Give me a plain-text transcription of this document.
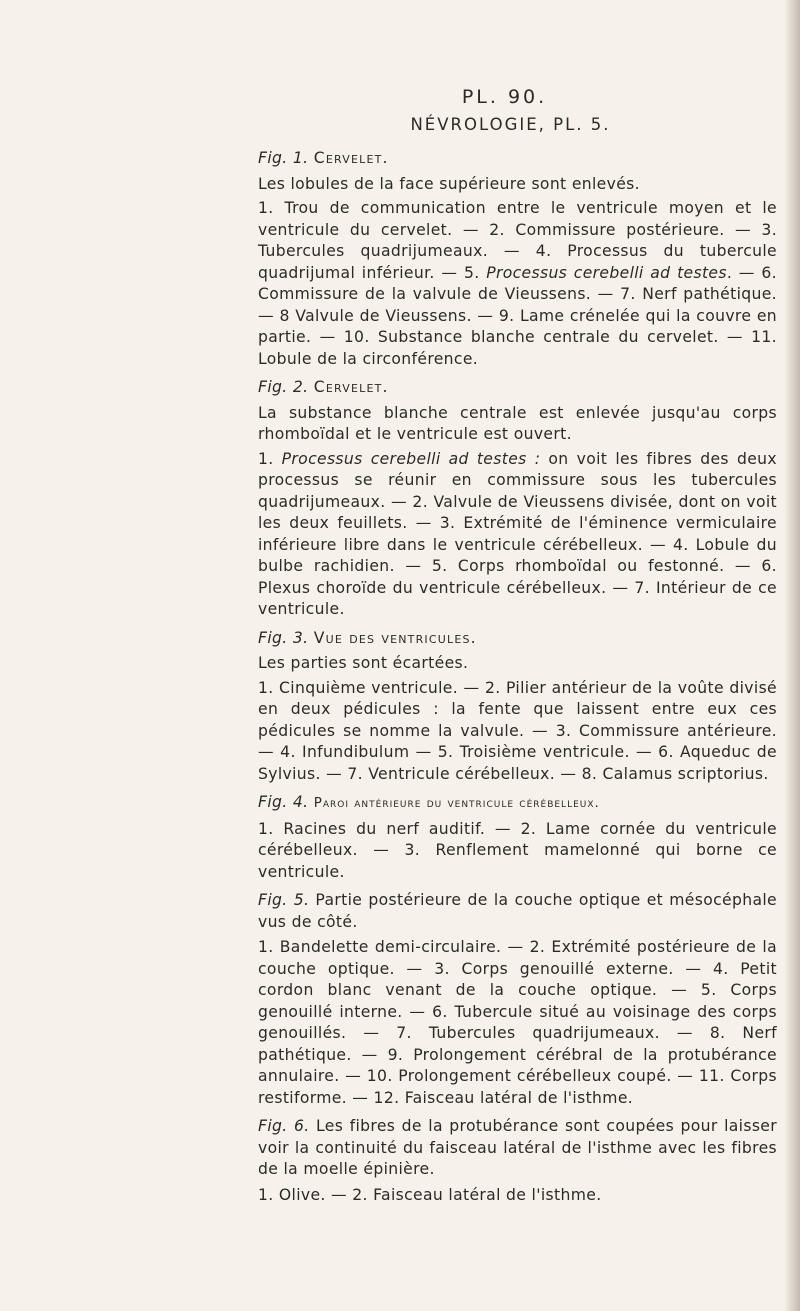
PL. 90.
NÉVROLOGIE, PL. 5.

Fig. 1. Cervelet.

Les lobules de la face supérieure sont enlevés.

1. Trou de communication entre le ventricule moyen et le ventricule du cervelet. — 2. Commissure postérieure. — 3. Tubercules quadrijumeaux. — 4. Processus du tubercule quadrijumal inférieur. — 5. Processus cerebelli ad testes. — 6. Commissure de la valvule de Vieussens. — 7. Nerf pathétique. — 8 Valvule de Vieussens. — 9. Lame crénelée qui la couvre en partie. — 10. Substance blanche centrale du cervelet. — 11. Lobule de la circonférence.

Fig. 2. Cervelet.

La substance blanche centrale est enlevée jusqu'au corps rhomboïdal et le ventricule est ouvert.

1. Processus cerebelli ad testes : on voit les fibres des deux processus se réunir en commissure sous les tubercules quadrijumeaux. — 2. Valvule de Vieussens divisée, dont on voit les deux feuillets. — 3. Extrémité de l'éminence vermiculaire inférieure libre dans le ventricule cérébelleux. — 4. Lobule du bulbe rachidien. — 5. Corps rhomboïdal ou festonné. — 6. Plexus choroïde du ventricule cérébelleux. — 7. Intérieur de ce ventricule.

Fig. 3. Vue des ventricules.

Les parties sont écartées.

1. Cinquième ventricule. — 2. Pilier antérieur de la voûte divisé en deux pédicules : la fente que laissent entre eux ces pédicules se nomme la valvule. — 3. Commissure antérieure. — 4. Infundibulum — 5. Troisième ventricule. — 6. Aqueduc de Sylvius. — 7. Ventricule cérébelleux. — 8. Calamus scriptorius.

Fig. 4. Paroi antérieure du ventricule cérébelleux.

1. Racines du nerf auditif. — 2. Lame cornée du ventricule cérébelleux. — 3. Renflement mamelonné qui borne ce ventricule.

Fig. 5. Partie postérieure de la couche optique et mésocéphale vus de côté.

1. Bandelette demi-circulaire. — 2. Extrémité postérieure de la couche optique. — 3. Corps genouillé externe. — 4. Petit cordon blanc venant de la couche optique. — 5. Corps genouillé interne. — 6. Tubercule situé au voisinage des corps genouillés. — 7. Tubercules quadrijumeaux. — 8. Nerf pathétique. — 9. Prolongement cérébral de la protubérance annulaire. — 10. Prolongement cérébelleux coupé. — 11. Corps restiforme. — 12. Faisceau latéral de l'isthme.

Fig. 6. Les fibres de la protubérance sont coupées pour laisser voir la continuité du faisceau latéral de l'isthme avec les fibres de la moelle épinière.

1. Olive. — 2. Faisceau latéral de l'isthme.
